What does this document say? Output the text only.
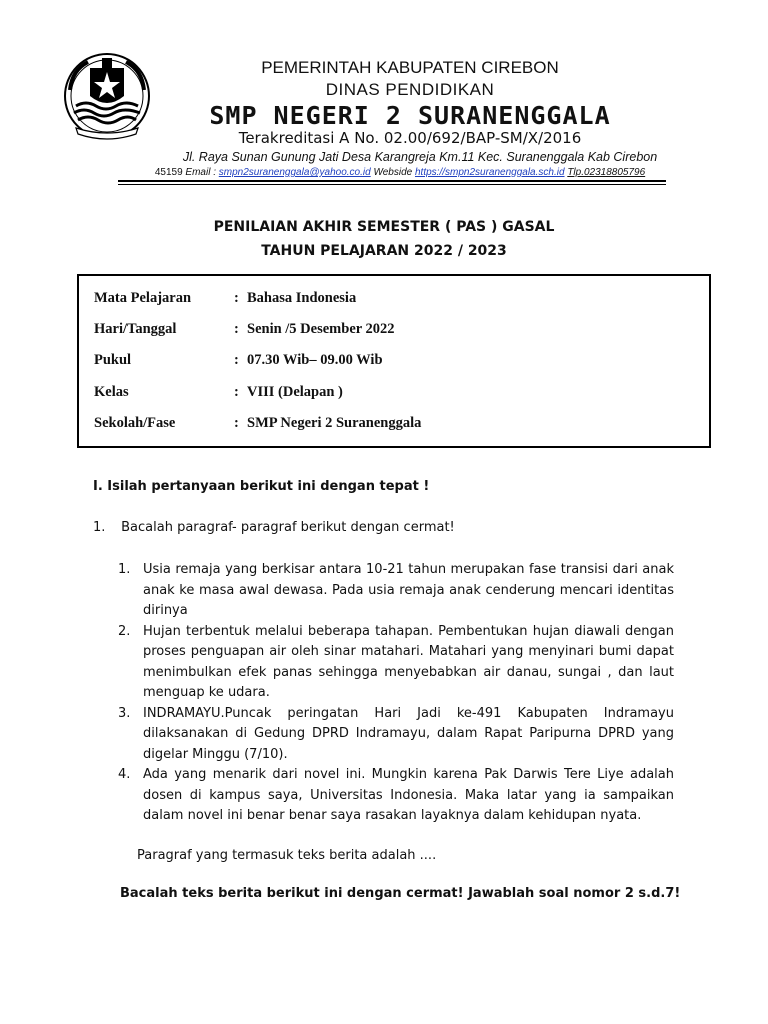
PEMERINTAH KABUPATEN CIREBON
DINAS PENDIDIKAN
SMP NEGERI 2 SURANENGGALA
Terakreditasi A No. 02.00/692/BAP-SM/X/2016
Jl. Raya Sunan Gunung Jati Desa Karangreja Km.11 Kec. Suranenggala Kab Cirebon
45159 Email : smpn2suranenggala@yahoo.co.id Webside https://smpn2suranenggala.sch.id Tlp.02318805796
PENILAIAN AKHIR SEMESTER ( PAS ) GASAL
TAHUN PELAJARAN 2022 / 2023
Mata Pelajaran	: Bahasa Indonesia
Hari/Tanggal	: Senin /5 Desember 2022
Pukul	: 07.30 Wib– 09.00 Wib
Kelas	: VIII (Delapan )
Sekolah/Fase	: SMP Negeri 2 Suranenggala
I. Isilah pertanyaan berikut ini dengan tepat !
1. Bacalah paragraf- paragraf berikut dengan cermat!
1. Usia remaja yang berkisar antara 10-21 tahun merupakan fase transisi dari anak anak ke masa awal dewasa. Pada usia remaja anak cenderung mencari identitas dirinya
2. Hujan terbentuk melalui beberapa tahapan. Pembentukan hujan diawali dengan proses penguapan air oleh sinar matahari. Matahari yang menyinari bumi dapat menimbulkan efek panas sehingga menyebabkan air danau, sungai , dan laut menguap ke udara.
3. INDRAMAYU.Puncak peringatan Hari Jadi ke-491 Kabupaten Indramayu dilaksanakan di Gedung DPRD Indramayu, dalam Rapat Paripurna DPRD yang digelar Minggu (7/10).
4. Ada yang menarik dari novel ini. Mungkin karena Pak Darwis Tere Liye adalah dosen di kampus saya, Universitas Indonesia. Maka latar yang ia sampaikan dalam novel ini benar benar saya rasakan layaknya dalam kehidupan nyata.
Paragraf yang termasuk teks berita adalah ....
Bacalah teks berita berikut ini dengan cermat! Jawablah soal nomor 2 s.d.7!
